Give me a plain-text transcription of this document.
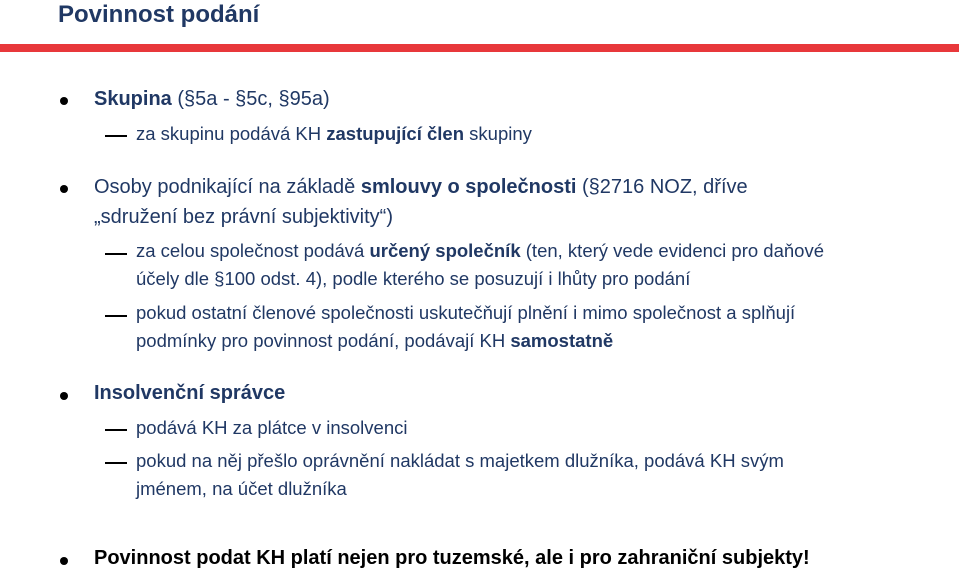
Povinnost podání
Skupina (§5a - §5c, §95a)
za skupinu podává KH zastupující člen skupiny
Osoby podnikající na základě smlouvy o společnosti (§2716 NOZ, dříve
„sdružení bez právní subjektivity“)
za celou společnost podává určený společník (ten, který vede evidenci pro daňové
účely dle §100 odst. 4), podle kterého se posuzují i lhůty pro podání
pokud ostatní členové společnosti uskutečňují plnění i mimo společnost a splňují
podmínky pro povinnost podání, podávají KH samostatně
Insolvenční správce
podává KH za plátce v insolvenci
pokud na něj přešlo oprávnění nakládat s majetkem dlužníka, podává KH svým
jménem, na účet dlužníka
Povinnost podat KH platí nejen pro tuzemské, ale i pro zahraniční subjekty!
